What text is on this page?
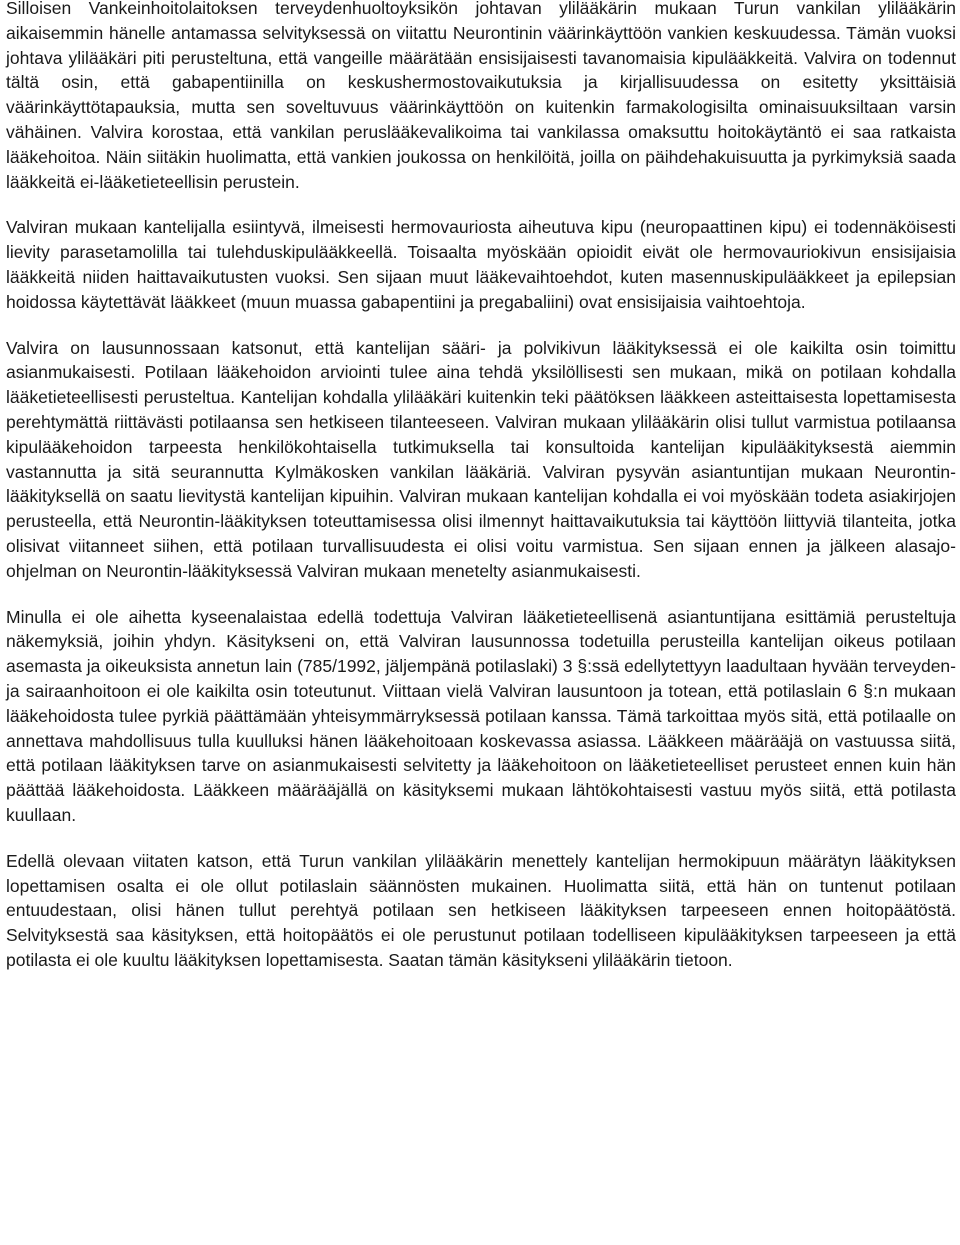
Silloisen Vankeinhoitolaitoksen terveydenhuoltoyksikön johtavan ylilääkärin mukaan Turun vankilan ylilääkärin aikaisemmin hänelle antamassa selvityksessä on viitattu Neurontinin väärinkäyttöön vankien keskuudessa. Tämän vuoksi johtava ylilääkäri piti perusteltuna, että vangeille määrätään ensisijaisesti tavanomaisia kipulääkkeitä. Valvira on todennut tältä osin, että gabapentiinilla on keskushermostovaikutuksia ja kirjallisuudessa on esitetty yksittäisiä väärinkäyttötapauksia, mutta sen soveltuvuus väärinkäyttöön on kuitenkin farmakologisilta ominaisuuksiltaan varsin vähäinen. Valvira korostaa, että vankilan peruslääkevalikoima tai vankilassa omaksuttu hoitokäytäntö ei saa ratkaista lääkehoitoa. Näin siitäkin huolimatta, että vankien joukossa on henkilöitä, joilla on päihdehakuisuutta ja pyrkimyksiä saada lääkkeitä ei-lääketieteellisin perustein.

Valviran mukaan kantelijalla esiintyvä, ilmeisesti hermovauriosta aiheutuva kipu (neuropaattinen kipu) ei todennäköisesti lievity parasetamolilla tai tulehduskipulääkkeellä. Toisaalta myöskään opioidit eivät ole hermovauriokivun ensisijaisia lääkkeitä niiden haittavaikutusten vuoksi. Sen sijaan muut lääkevaihtoehdot, kuten masennuskipulääkkeet ja epilepsian hoidossa käytettävät lääkkeet (muun muassa gabapentiini ja pregabaliini) ovat ensisijaisia vaihtoehtoja.

Valvira on lausunnossaan katsonut, että kantelijan sääri- ja polvikivun lääkityksessä ei ole kaikilta osin toimittu asianmukaisesti. Potilaan lääkehoidon arviointi tulee aina tehdä yksilöllisesti sen mukaan, mikä on potilaan kohdalla lääketieteellisesti perusteltua. Kantelijan kohdalla ylilääkäri kuitenkin teki päätöksen lääkkeen asteittaisesta lopettamisesta perehtymättä riittävästi potilaansa sen hetkiseen tilanteeseen. Valviran mukaan ylilääkärin olisi tullut varmistua potilaansa kipulääkehoidon tarpeesta henkilökohtaisella tutkimuksella tai konsultoida kantelijan kipulääkityksestä aiemmin vastannutta ja sitä seurannutta Kylmäkosken vankilan lääkäriä. Valviran pysyvän asiantuntijan mukaan Neurontin-lääkityksellä on saatu lievitystä kantelijan kipuihin. Valviran mukaan kantelijan kohdalla ei voi myöskään todeta asiakirjojen perusteella, että Neurontin-lääkityksen toteuttamisessa olisi ilmennyt haittavaikutuksia tai käyttöön liittyviä tilanteita, jotka olisivat viitanneet siihen, että potilaan turvallisuudesta ei olisi voitu varmistua. Sen sijaan ennen ja jälkeen alasajo-ohjelman on Neurontin-lääkityksessä Valviran mukaan menetelty asianmukaisesti.

Minulla ei ole aihetta kyseenalaistaa edellä todettuja Valviran lääketieteellisenä asiantuntijana esittämiä perusteltuja näkemyksiä, joihin yhdyn. Käsitykseni on, että Valviran lausunnossa todetuilla perusteilla kantelijan oikeus potilaan asemasta ja oikeuksista annetun lain (785/1992, jäljempänä potilaslaki) 3 §:ssä edellytettyyn laadultaan hyvään terveyden- ja sairaanhoitoon ei ole kaikilta osin toteutunut. Viittaan vielä Valviran lausuntoon ja totean, että potilaslain 6 §:n mukaan lääkehoidosta tulee pyrkiä päättämään yhteisymmärryksessä potilaan kanssa. Tämä tarkoittaa myös sitä, että potilaalle on annettava mahdollisuus tulla kuulluksi hänen lääkehoitoaan koskevassa asiassa. Lääkkeen määrääjä on vastuussa siitä, että potilaan lääkityksen tarve on asianmukaisesti selvitetty ja lääkehoitoon on lääketieteelliset perusteet ennen kuin hän päättää lääkehoidosta. Lääkkeen määrääjällä on käsityksemi mukaan lähtökohtaisesti vastuu myös siitä, että potilasta kuullaan.

Edellä olevaan viitaten katson, että Turun vankilan ylilääkärin menettely kantelijan hermokipuun määrätyn lääkityksen lopettamisen osalta ei ole ollut potilaslain säännösten mukainen. Huolimatta siitä, että hän on tuntenut potilaan entuudestaan, olisi hänen tullut perehtyä potilaan sen hetkiseen lääkityksen tarpeeseen ennen hoitopäätöstä. Selvityksestä saa käsityksen, että hoitopäätös ei ole perustunut potilaan todelliseen kipulääkityksen tarpeeseen ja että potilasta ei ole kuultu lääkityksen lopettamisesta. Saatan tämän käsitykseni ylilääkärin tietoon.
